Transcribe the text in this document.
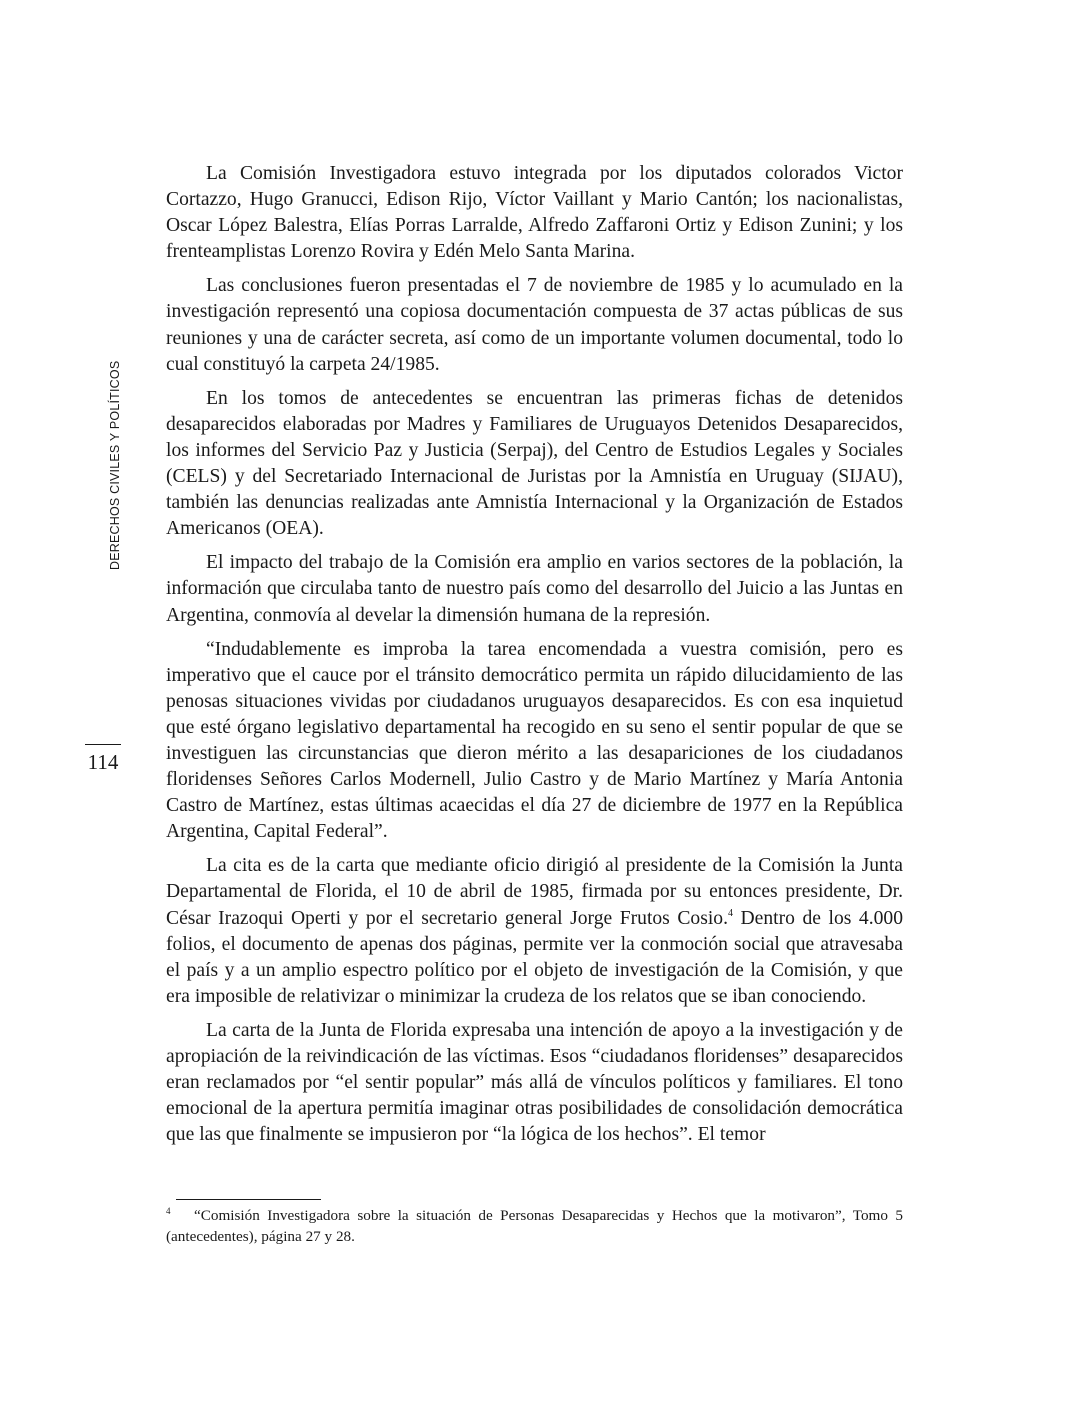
DERECHOS CIVILES Y POLÍTICOS
114

La Comisión Investigadora estuvo integrada por los diputados colorados Victor Cortazzo, Hugo Granucci, Edison Rijo, Víctor Vaillant y Mario Cantón; los nacionalistas, Oscar López Balestra, Elías Porras Larralde, Alfredo Zaffaroni Ortiz y Edison Zunini; y los frenteamplistas Lorenzo Rovira y Edén Melo Santa Marina.

Las conclusiones fueron presentadas el 7 de noviembre de 1985 y lo acumulado en la investigación representó una copiosa documentación compuesta de 37 actas públicas de sus reuniones y una de carácter secreta, así como de un importante volumen documental, todo lo cual constituyó la carpeta 24/1985.

En los tomos de antecedentes se encuentran las primeras fichas de detenidos desaparecidos elaboradas por Madres y Familiares de Uruguayos Detenidos Desaparecidos, los informes del Servicio Paz y Justicia (Serpaj), del Centro de Estudios Legales y Sociales (CELS) y del Secretariado Internacional de Juristas por la Amnistía en Uruguay (SIJAU), también las denuncias realizadas ante Amnistía Internacional y la Organización de Estados Americanos (OEA).

El impacto del trabajo de la Comisión era amplio en varios sectores de la población, la información que circulaba tanto de nuestro país como del desarrollo del Juicio a las Juntas en Argentina, conmovía al develar la dimensión humana de la represión.

“Indudablemente es improba la tarea encomendada a vuestra comisión, pero es imperativo que el cauce por el tránsito democrático permita un rápido dilucidamiento de las penosas situaciones vividas por ciudadanos uruguayos desaparecidos. Es con esa inquietud que esté órgano legislativo departamental ha recogido en su seno el sentir popular de que se investiguen las circunstancias que dieron mérito a las desapariciones de los ciudadanos floridenses Señores Carlos Modernell, Julio Castro y de Mario Martínez y María Antonia Castro de Martínez, estas últimas acaecidas el día 27 de diciembre de 1977 en la República Argentina, Capital Federal”.

La cita es de la carta que mediante oficio dirigió al presidente de la Comisión la Junta Departamental de Florida, el 10 de abril de 1985, firmada por su entonces presidente, Dr. César Irazoqui Operti y por el secretario general Jorge Frutos Cosio.$^4$ Dentro de los 4.000 folios, el documento de apenas dos páginas, permite ver la conmoción social que atravesaba el país y a un amplio espectro político por el objeto de investigación de la Comisión, y que era imposible de relativizar o minimizar la crudeza de los relatos que se iban conociendo.

La carta de la Junta de Florida expresaba una intención de apoyo a la investigación y de apropiación de la reivindicación de las víctimas. Esos “ciudadanos floridenses” desaparecidos eran reclamados por “el sentir popular” más allá de vínculos políticos y familiares. El tono emocional de la apertura permitía imaginar otras posibilidades de consolidación democrática que las que finalmente se impusieron por “la lógica de los hechos”. El temor

4 “Comisión Investigadora sobre la situación de Personas Desaparecidas y Hechos que la motivaron”, Tomo 5 (antecedentes), página 27 y 28.
